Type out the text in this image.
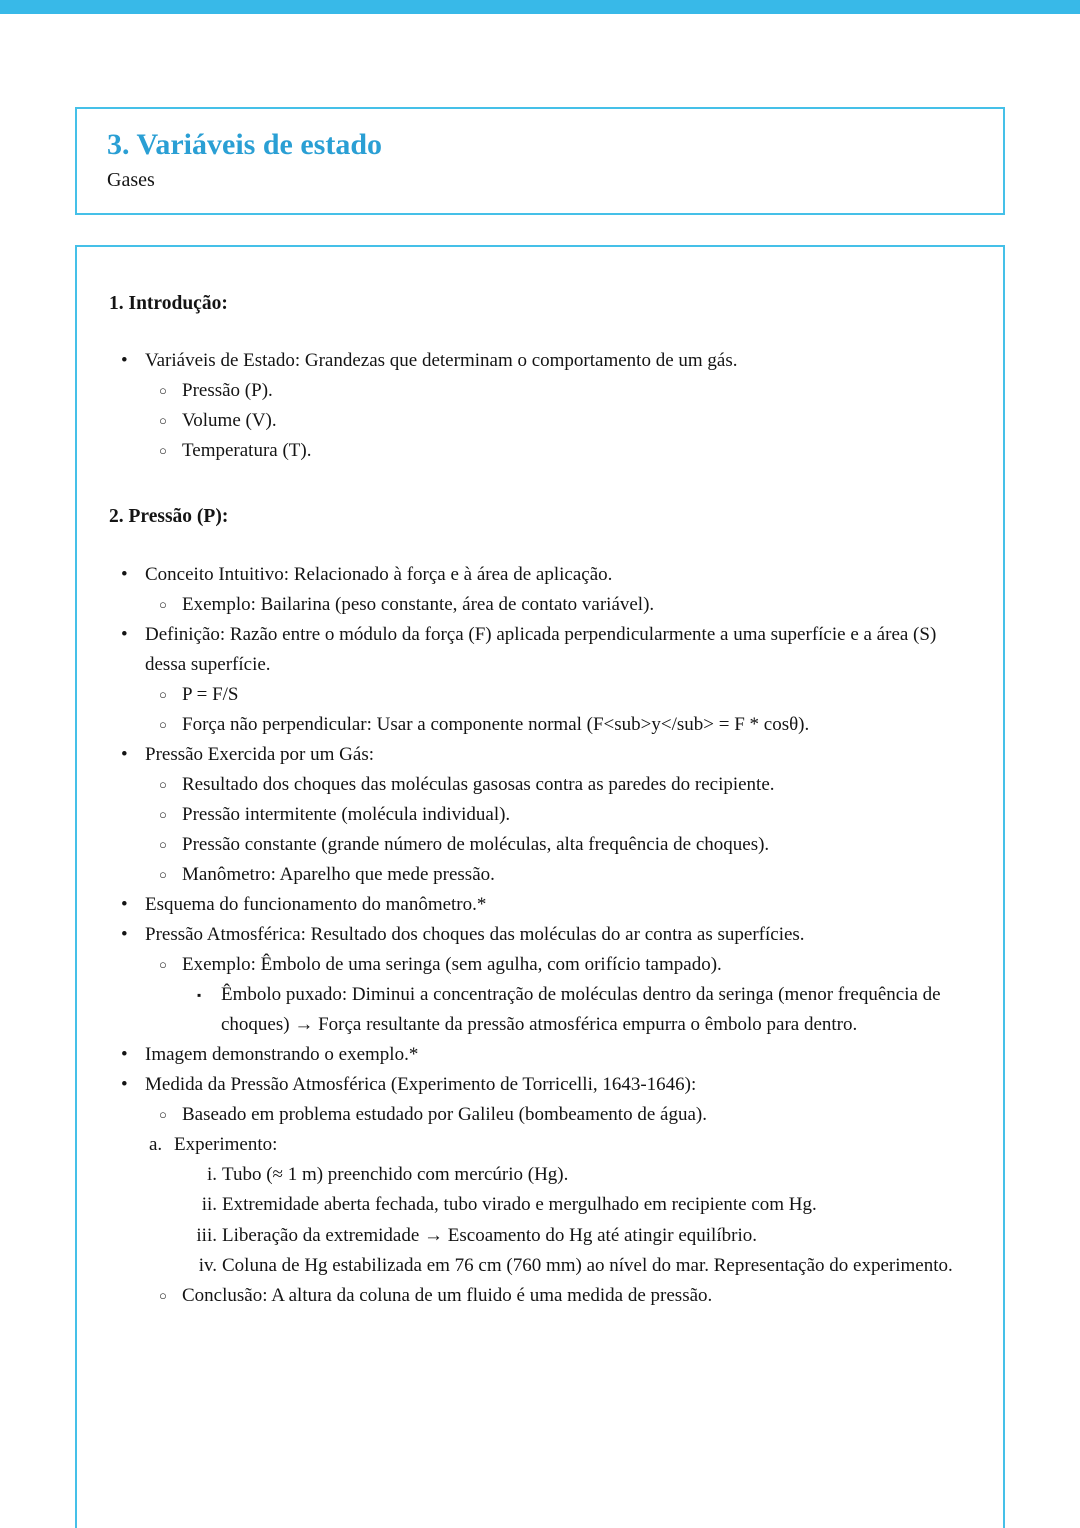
3. Variáveis de estado
Gases
1. Introdução:
• Variáveis de Estado: Grandezas que determinam o comportamento de um gás.
○ Pressão (P).
○ Volume (V).
○ Temperatura (T).
2. Pressão (P):
• Conceito Intuitivo: Relacionado à força e à área de aplicação.
○ Exemplo: Bailarina (peso constante, área de contato variável).
• Definição: Razão entre o módulo da força (F) aplicada perpendicularmente a uma superfície e a área (S) dessa superfície.
○ P = F/S
○ Força não perpendicular: Usar a componente normal (F<sub>y</sub> = F * cosθ).
• Pressão Exercida por um Gás:
○ Resultado dos choques das moléculas gasosas contra as paredes do recipiente.
○ Pressão intermitente (molécula individual).
○ Pressão constante (grande número de moléculas, alta frequência de choques).
○ Manômetro: Aparelho que mede pressão.
• Esquema do funcionamento do manômetro.*
• Pressão Atmosférica: Resultado dos choques das moléculas do ar contra as superfícies.
○ Exemplo: Êmbolo de uma seringa (sem agulha, com orifício tampado).
▪	Êmbolo puxado: Diminui a concentração de moléculas dentro da seringa (menor frequência de choques) → Força resultante da pressão atmosférica empurra o êmbolo para dentro.
• Imagem demonstrando o exemplo.*
• Medida da Pressão Atmosférica (Experimento de Torricelli, 1643-1646):
○ Baseado em problema estudado por Galileu (bombeamento de água).
a. Experimento:
i. Tubo (≈ 1 m) preenchido com mercúrio (Hg).
ii. Extremidade aberta fechada, tubo virado e mergulhado em recipiente com Hg.
iii. Liberação da extremidade → Escoamento do Hg até atingir equilíbrio.
iv. Coluna de Hg estabilizada em 76 cm (760 mm) ao nível do mar. Representação do experimento.
○ Conclusão: A altura da coluna de um fluido é uma medida de pressão.
